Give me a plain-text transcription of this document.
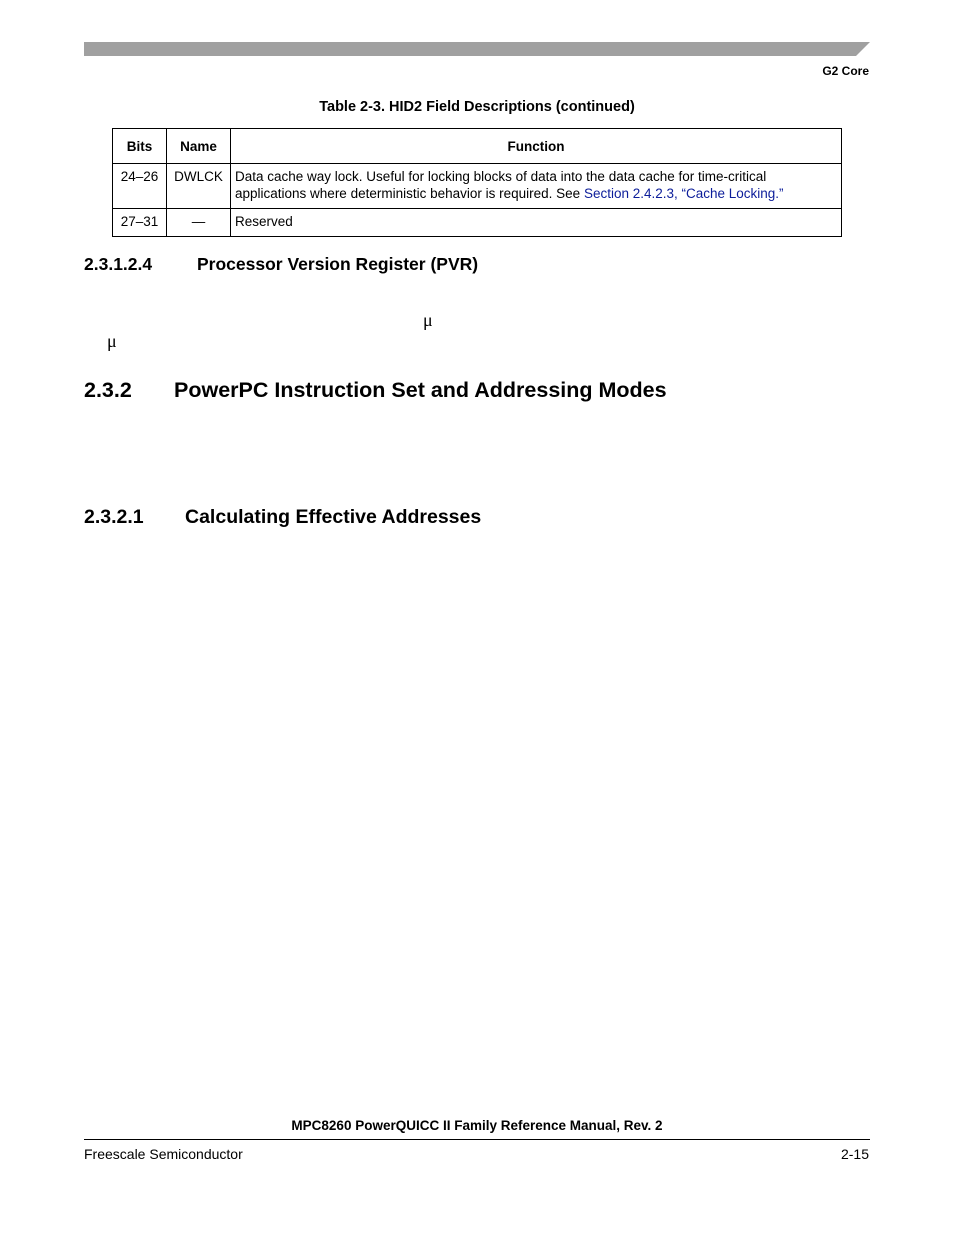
G2 Core
Table 2-3. HID2 Field Descriptions (continued)
Bits	Name	Function
24–26	DWLCK	Data cache way lock. Useful for locking blocks of data into the data cache for time-critical applications where deterministic behavior is required. See Section 2.4.2.3, “Cache Locking.”
27–31	—	Reserved
2.3.1.2.4	Processor Version Register (PVR)
μ
μ
2.3.2 PowerPC Instruction Set and Addressing Modes
2.3.2.1 Calculating Effective Addresses
MPC8260 PowerQUICC II Family Reference Manual, Rev. 2
Freescale Semiconductor	2-15
